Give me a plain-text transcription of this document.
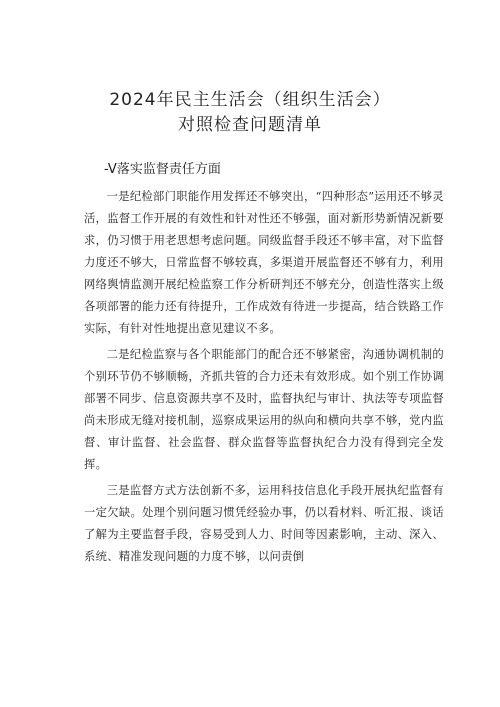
2024年民主生活会（组织生活会）
对照检查问题清单
-V落实监督责任方面

一是纪检部门职能作用发挥还不够突出，“四种形态”运用还不够灵活，监督工作开展的有效性和针对性还不够强，面对新形势新情况新要求，仍习惯于用老思想考虑问题。同级监督手段还不够丰富，对下监督力度还不够大，日常监督不够较真，多渠道开展监督还不够有力，利用网络舆情监测开展纪检监察工作分析研判还不够充分，创造性落实上级各项部署的能力还有待提升，工作成效有待进一步提高，结合铁路工作实际，有针对性地提出意见建议不多。

二是纪检监察与各个职能部门的配合还不够紧密，沟通协调机制的个别环节仍不够顺畅，齐抓共管的合力还未有效形成。如个别工作协调部署不同步、信息资源共享不及时，监督执纪与审计、执法等专项监督尚未形成无缝对接机制，巡察成果运用的纵向和横向共享不够，党内监督、审计监督、社会监督、群众监督等监督执纪合力没有得到完全发挥。

三是监督方式方法创新不多，运用科技信息化手段开展执纪监督有一定欠缺。处理个别问题习惯凭经验办事，仍以看材料、听汇报、谈话了解为主要监督手段，容易受到人力、时间等因素影响，主动、深入、系统、精准发现问题的力度不够，以问责倒
